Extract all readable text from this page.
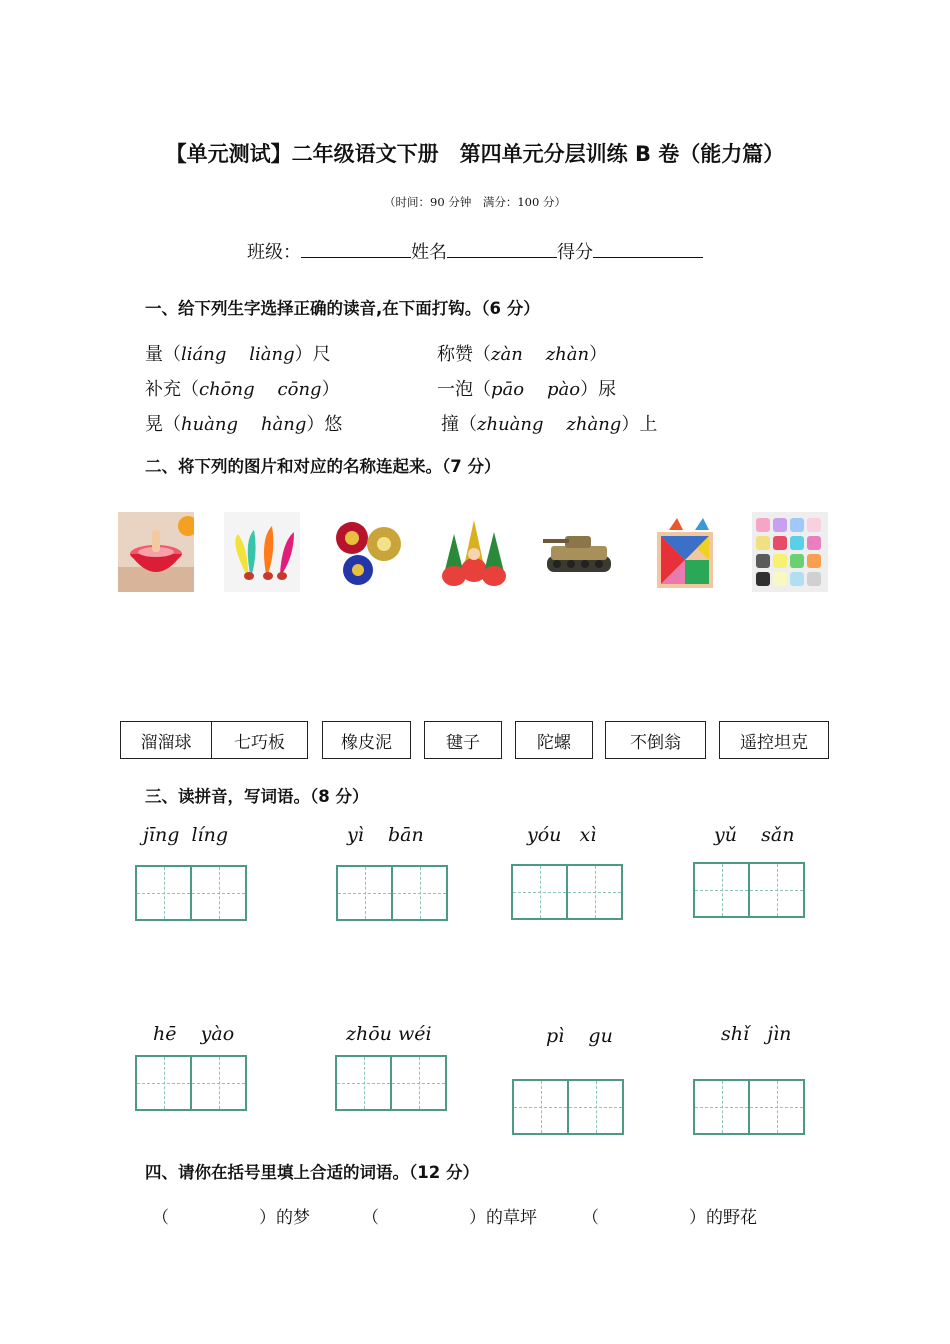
【单元测试】二年级语文下册　第四单元分层训练 B 卷（能力篇）
（时间：90 分钟　满分：100 分）
班级：	姓名	得分
一、给下列生字选择正确的读音,在下面打钩。（6 分）
量（liáng liàng）尺	称赞（zàn zhàn）
补充（chōng cōng）	一泡（pāo pào）尿
晃（huàng hàng）悠	撞（zhuàng zhàng）上
二、将下列的图片和对应的名称连起来。（7 分）
溜溜球	七巧板	橡皮泥	毽子	陀螺	不倒翁	遥控坦克
三、读拼音，写词语。（8 分）
jīng líng	yì bān	yóu xì	yǔ sǎn
hē yào	zhōu wéi	pì gu	shǐ jìn
四、请你在括号里填上合适的词语。（12 分）
（	）的梦	（	）的草坪	（	）的野花
